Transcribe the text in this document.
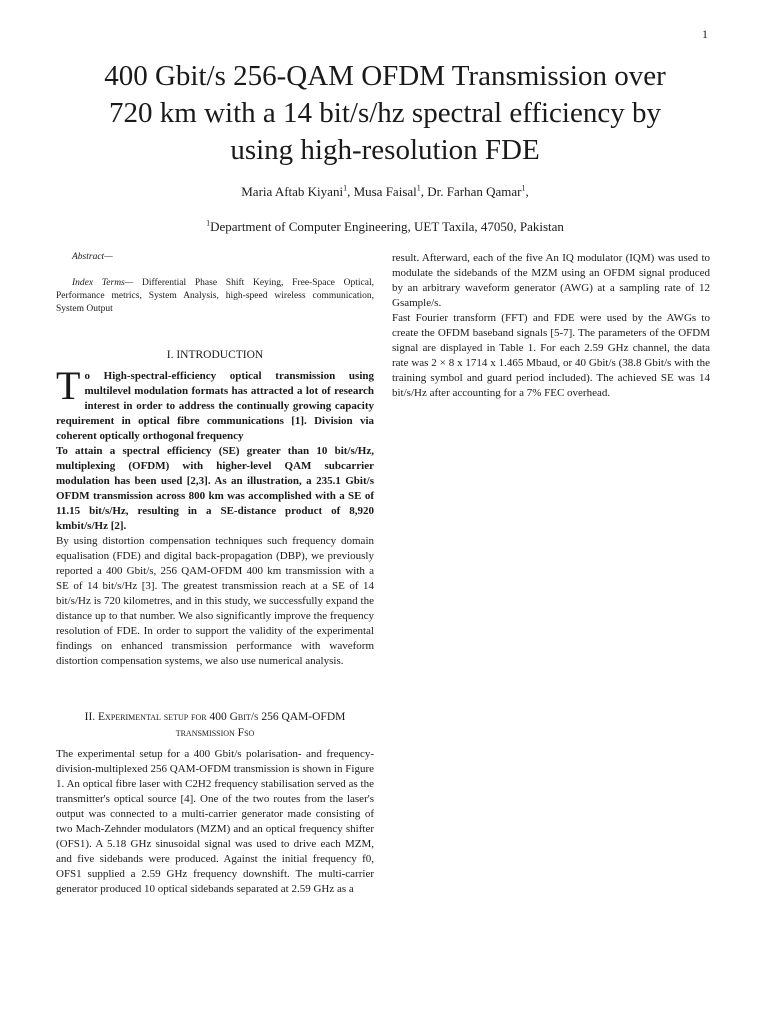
1
400 Gbit/s 256-QAM OFDM Transmission over 720 km with a 14 bit/s/hz spectral efficiency by using high-resolution FDE
Maria Aftab Kiyani$^1$, Musa Faisal$^1$, Dr. Farhan Qamar$^1$,
$^1$Department of Computer Engineering, UET Taxila, 47050, Pakistan

Abstract—

Index Terms— Differential Phase Shift Keying, Free-Space Optical, Performance metrics, System Analysis, high-speed wireless communication, System Output

I. INTRODUCTION

To High-spectral-efficiency optical transmission using multilevel modulation formats has attracted a lot of research interest in order to address the continually growing capacity requirement in optical fibre communications [1]. Division via coherent optically orthogonal frequency

To attain a spectral efficiency (SE) greater than 10 bit/s/Hz, multiplexing (OFDM) with higher-level QAM subcarrier modulation has been used [2,3]. As an illustration, a 235.1 Gbit/s OFDM transmission across 800 km was accomplished with a SE of 11.15 bit/s/Hz, resulting in a SE-distance product of 8,920 kmbit/s/Hz [2].

By using distortion compensation techniques such frequency domain equalisation (FDE) and digital back-propagation (DBP), we previously reported a 400 Gbit/s, 256 QAM-OFDM 400 km transmission with a SE of 14 bit/s/Hz [3]. The greatest transmission reach at a SE of 14 bit/s/Hz is 720 kilometres, and in this study, we successfully expand the distance up to that number. We also significantly improve the frequency resolution of FDE. In order to support the validity of the experimental findings on enhanced transmission performance with waveform distortion compensation systems, we also use numerical analysis.

II. Experimental setup for 400 Gbit/s 256 QAM-OFDM transmission Fso

The experimental setup for a 400 Gbit/s polarisation- and frequency-division-multiplexed 256 QAM-OFDM transmission is shown in Figure 1. An optical fibre laser with C2H2 frequency stabilisation served as the transmitter's optical source [4]. One of the two routes from the laser's output was connected to a multi-carrier generator made consisting of two Mach-Zehnder modulators (MZM) and an optical frequency shifter (OFS1). A 5.18 GHz sinusoidal signal was used to drive each MZM, and five sidebands were produced. Against the initial frequency f0, OFS1 supplied a 2.59 GHz frequency downshift. The multi-carrier generator produced 10 optical sidebands separated at 2.59 GHz as a

result. Afterward, each of the five An IQ modulator (IQM) was used to modulate the sidebands of the MZM using an OFDM signal produced by an arbitrary waveform generator (AWG) at a sampling rate of 12 Gsample/s.

Fast Fourier transform (FFT) and FDE were used by the AWGs to create the OFDM baseband signals [5-7]. The parameters of the OFDM signal are displayed in Table 1. For each 2.59 GHz channel, the data rate was 2 × 8 x 1714 x 1.465 Mbaud, or 40 Gbit/s (38.8 Gbit/s with the training symbol and guard period included). The achieved SE was 14 bit/s/Hz after accounting for a 7% FEC overhead.
